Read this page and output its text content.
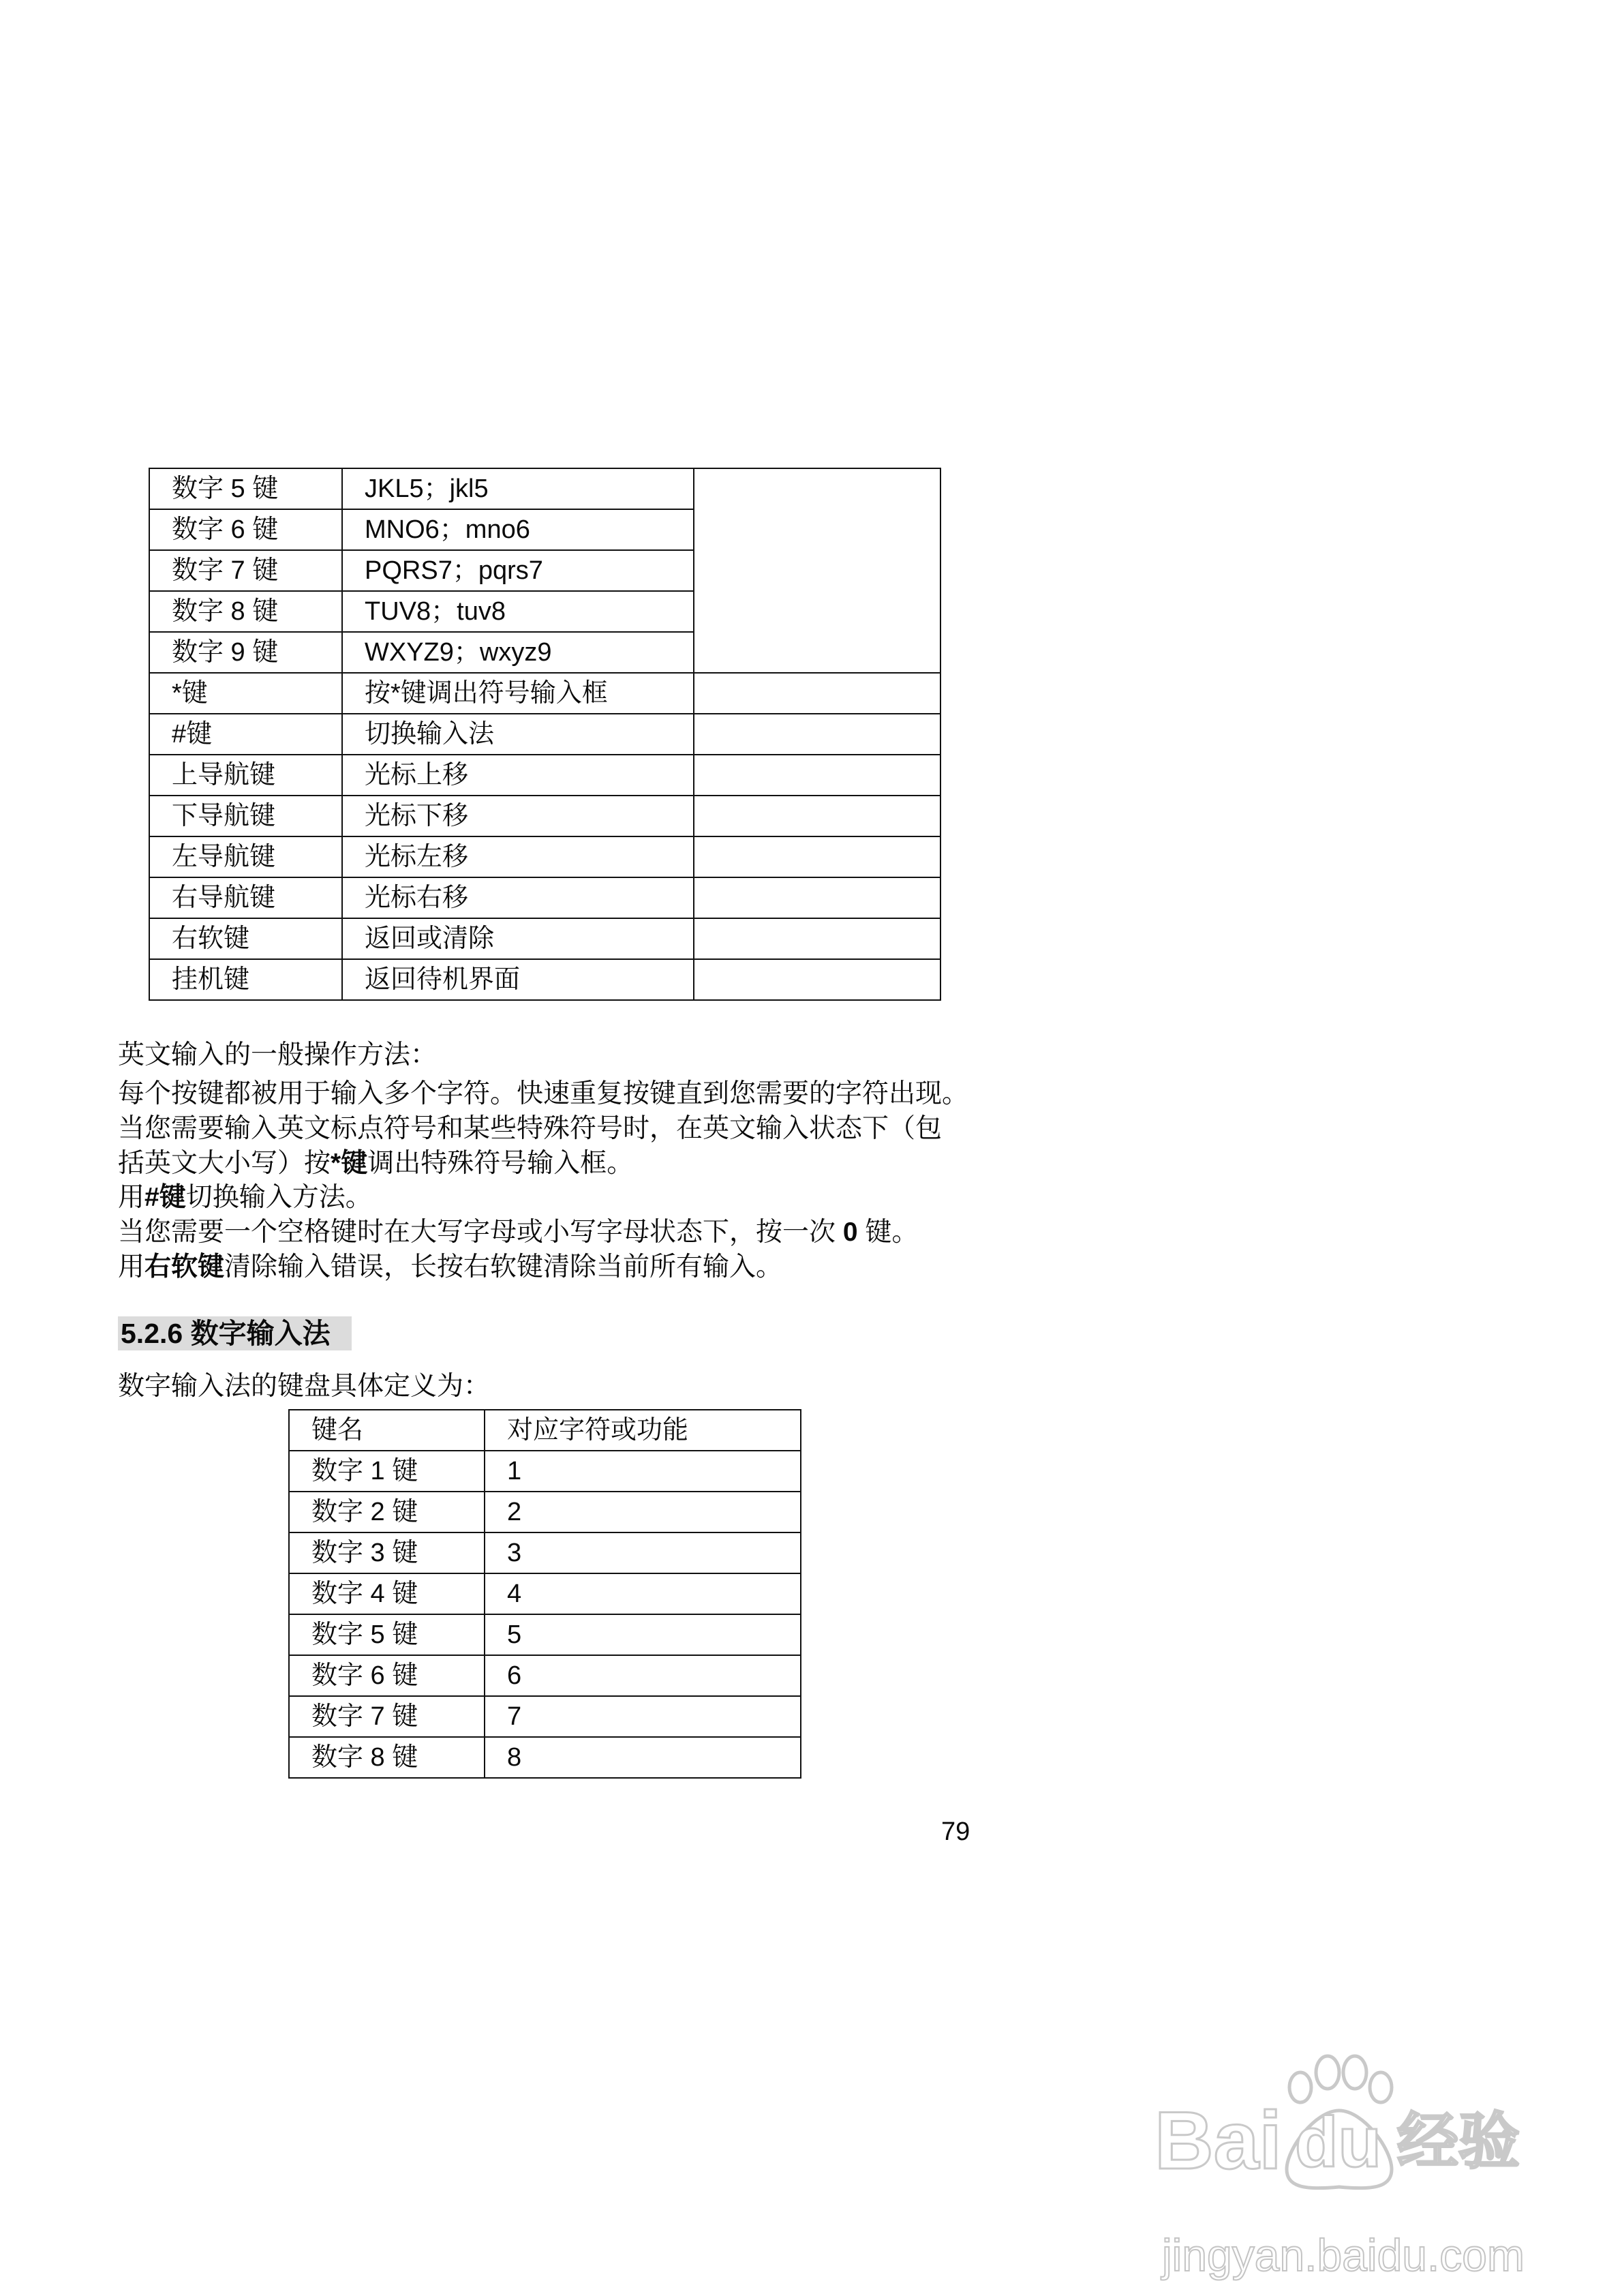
数字 5 键	JKL5；jkl5	
数字 6 键	MNO6；mno6	
数字 7 键	PQRS7；pqrs7	
数字 8 键	TUV8；tuv8	
数字 9 键	WXYZ9；wxyz9	
*键	按*键调出符号输入框	
#键	切换输入法	
上导航键	光标上移	
下导航键	光标下移	
左导航键	光标左移	
右导航键	光标右移	
右软键	返回或清除	
挂机键	返回待机界面	
英文输入的一般操作方法：
每个按键都被用于输入多个字符。快速重复按键直到您需要的字符出现。
当您需要输入英文标点符号和某些特殊符号时，在英文输入状态下（包
括英文大小写）按*键调出特殊符号输入框。
用#键切换输入方法。
当您需要一个空格键时在大写字母或小写字母状态下，按一次 0 键。
用右软键清除输入错误，长按右软键清除当前所有输入。
5.2.6 数字输入法
数字输入法的键盘具体定义为：
键名	对应字符或功能
数字 1 键	1
数字 2 键	2
数字 3 键	3
数字 4 键	4
数字 5 键	5
数字 6 键	6
数字 7 键	7
数字 8 键	8
79
Bai du 经验
jingyan.baidu.com
